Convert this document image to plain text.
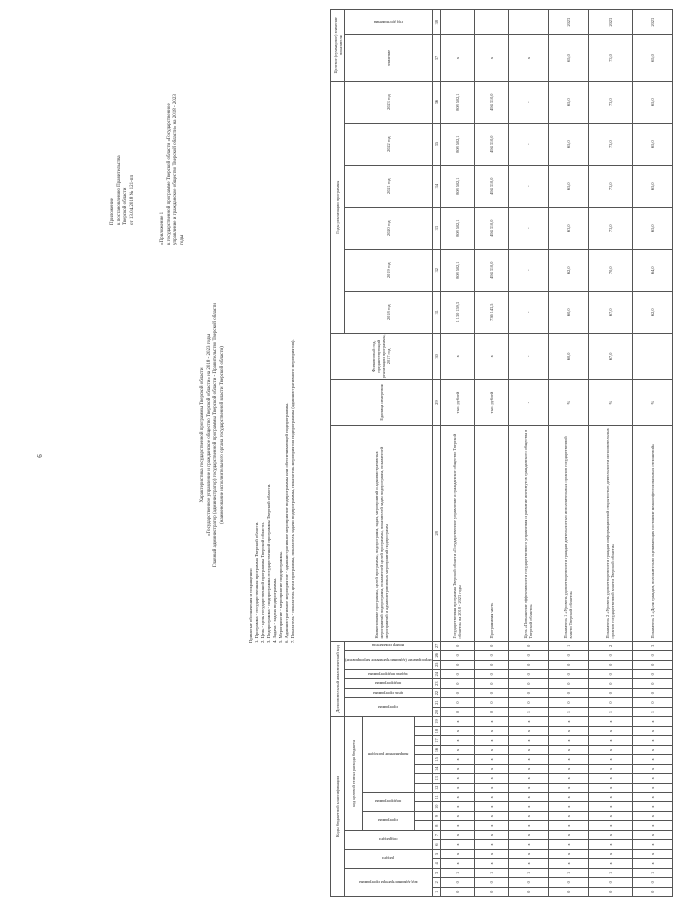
6
Приложение к постановлению Правительства Тверской области от 13.04.2018 № 121-пп
«Приложение 1 к государственной программе Тверской области «Государственное управление и гражданское общество Тверской области» на 2018 - 2023 годы
Характеристика государственной программы Тверской области «Государственное управление и гражданское общество Тверской области» на 2018 - 2023 годы Главный администратор (администратор) государственной программы Тверской области - Правительство Тверской области (наименование исполнительного органа государственной власти Тверской области)
Принятые обозначения и сокращения: 1. Программа - государственная программа Тверской области. 2. Цель - цель государственной программы Тверской области. 3. Подпрограмма - подпрограмма государственной программы Тверской области. 4. Задача - задача подпрограммы. 5. Мероприятие - мероприятие подпрограммы. 6. Административное мероприятие - административное мероприятие подпрограммы или обеспечивающей подпрограммы. 7. Показатель - показатель цели программы, показатель задачи подпрограммы, показатель мероприятия подпрограммы (административного мероприятия).
Коды бюджетной классификации																			Дополнительный аналитический код								Наименование программы, целей программы, подпрограмм, задач, мероприятий и административных мероприятий подпрограмм, показателей целей программы, показателей задач подпрограмм, показателей мероприятий и административных мероприятий подпрограмм	Единица измерения	Финансовый год, предшествующий реализации программы, 2017 год	Годы реализации программы						Целевое (суммарное) значение показателя	

код администратора программы			раздел		подраздел		код целевой статьи расхода бюджета												программа		цель программы	подпрограмма	задача подпрограммы	мероприятие (административное мероприятие)		номер показателя				2018 год	2019 год	2020 год	2021 год	2022 год	2023 год	значение	год достижения

							программа		подпрограмма		направление расходов																										

1	2	3	4	5	6	7	8	9	10	11	12	13	14	15	16	17	18	19	20	21	22	23	24	25	26	27	28	29	30	31	32	33	34	35	36	37	38
0	0	1	х	х	х	х	х	х	х	х	х	х	х	х	х	х	х	х	0	0	0	0	0	0	0	0	Государственная программа Тверской области «Государственное управление и гражданское общество Тверской области» на 2018 - 2023 годы	тыс. рублей	х	1 130 159,3	808 502,1	808 502,1	808 502,1	808 502,1	808 502,1	х	
0	0	1	х	х	х	х	х	х	х	х	х	х	х	х	х	х	х	х	0	0	0	0	0	0	0	0	Программная часть	тыс. рублей	х	736 143,5	494 310,0	494 310,0	494 310,0	494 310,0	494 310,0	х	
0	0	1	х	х	х	х	х	х	х	х	х	х	х	х	х	х	х	х	1	0	0	0	0	0	0	0	Цель «Повышение эффективности государственного управления и развитие институтов гражданского общества в Тверской области»	-	-	-	-	-	-	-	-	х	
0	0	1	х	х	х	х	х	х	х	х	х	х	х	х	х	х	х	х	1	0	0	0	0	0	0	1	Показатель 1 «Уровень удовлетворенности граждан деятельностью исполнительных органов государственной власти Тверской области»	%	60,0	60,0	62,0	63,0	65,0	65,0	65,0	65,0	2023
0	0	1	х	х	х	х	х	х	х	х	х	х	х	х	х	х	х	х	1	0	0	0	0	0	0	2	Показатель 2 «Уровень удовлетворенности граждан информационной открытостью деятельности исполнительных органов государственной власти Тверской области»	%	67,0	67,0	70,0	73,0	73,0	73,0	73,0	73,0	2023
0	0	1	х	х	х	х	х	х	х	х	х	х	х	х	х	х	х	х	1	0	0	0	0	0	0	3	Показатель 3 «Доля граждан, положительно оценивающих состояние межконфессиональных отношений»	%		62,0	64,0	65,0	65,0	65,0	65,0	65,0	2023
